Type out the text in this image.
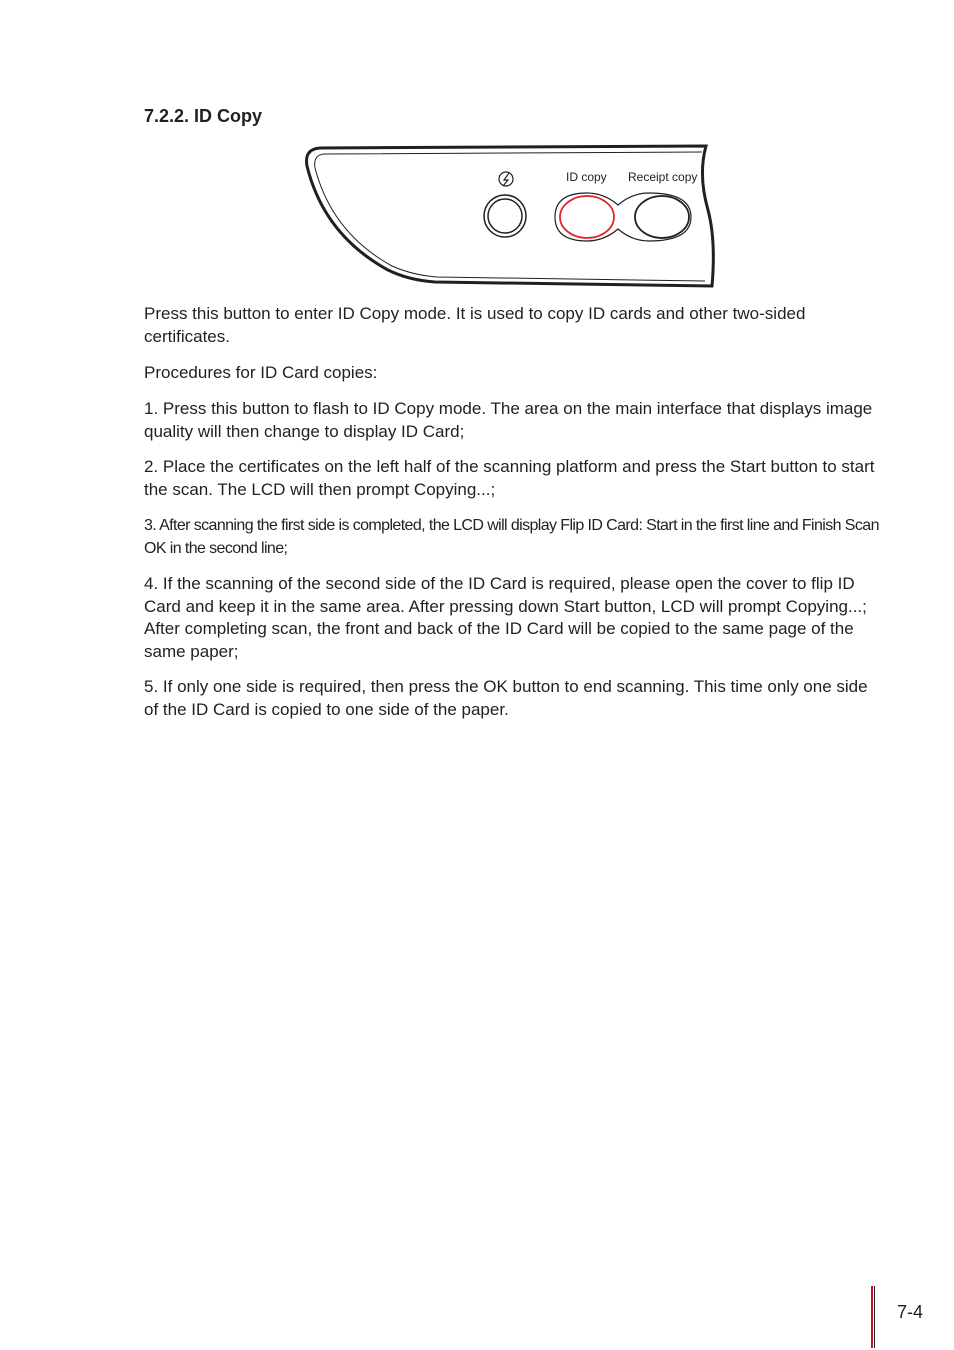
7.2.2. ID Copy
ID copy Receipt copy

Press this button to enter ID Copy mode. It is used to copy ID cards and other two-sided certificates.

Procedures for ID Card copies:

1. Press this button to flash to ID Copy mode. The area on the main interface that displays image quality will then change to display ID Card;

2. Place the certificates on the left half of the scanning platform and press the Start button to start the scan. The LCD will then prompt Copying...;

3. After scanning the first side is completed, the LCD will display Flip ID Card: Start in the first line and Finish Scan OK in the second line;

4. If the scanning of the second side of the ID Card is required, please open the cover to flip ID Card and keep it in the same area. After pressing down Start button, LCD will prompt Copying...; After completing scan, the front and back of the ID Card will be copied to the same page of the same paper;

5. If only one side is required, then press the OK button to end scanning. This time only one side of the ID Card is copied to one side of the paper.

7-4
